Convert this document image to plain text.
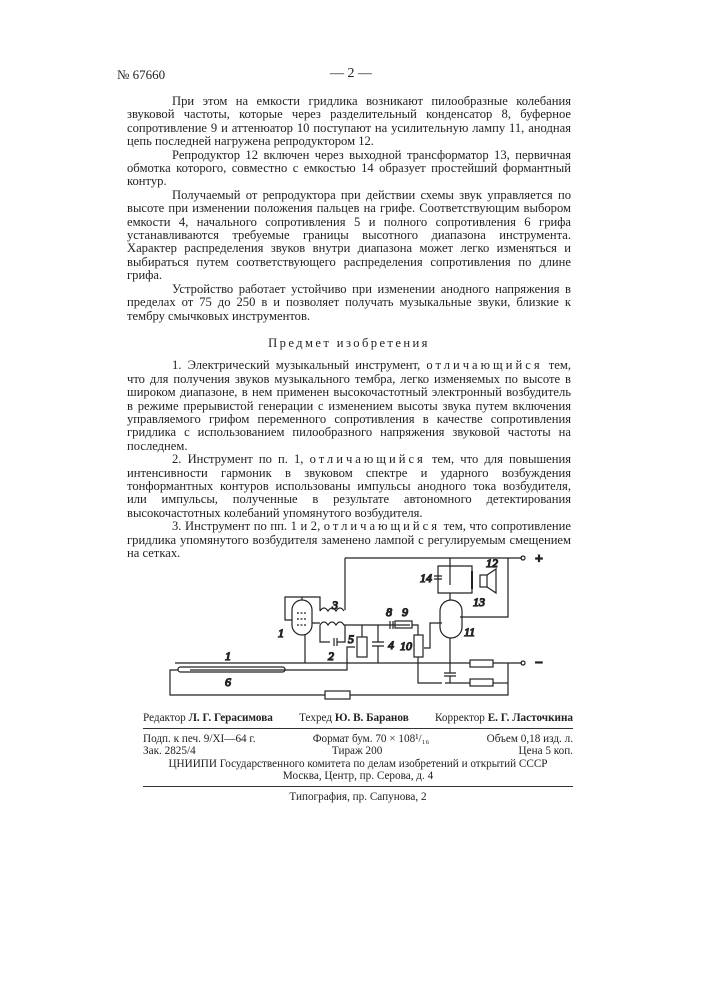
№ 67660	— 2 —

При этом на емкости гридлика возникают пилообразные колебания звуковой частоты, которые через разделительный конденсатор 8, буферное сопротивление 9 и аттенюатор 10 поступают на усилительную лампу 11, анодная цепь последней нагружена репродуктором 12.

Репродуктор 12 включен через выходной трансформатор 13, первичная обмотка которого, совместно с емкостью 14 образует простейший формантный контур.

Получаемый от репродуктора при действии схемы звук управляется по высоте при изменении положения пальцев на грифе. Соответствующим выбором емкости 4, начального сопротивления 5 и полного сопротивления 6 грифа устанавливаются требуемые границы высотного диапазона инструмента. Характер распределения звуков внутри диапазона может легко изменяться и выбираться путем соответствующего распределения сопротивления по длине грифа.

Устройство работает устойчиво при изменении анодного напряжения в пределах от 75 до 250 в и позволяет получать музыкальные звуки, близкие к тембру смычковых инструментов.

Предмет изобретения

1. Электрический музыкальный инструмент, отличающийся тем, что для получения звуков музыкального тембра, легко изменяемых по высоте в широком диапазоне, в нем применен высокочастотный электронный возбудитель в режиме прерывистой генерации с изменением высоты звука путем включения управляемого грифом переменного сопротивления в качестве сопротивления гридлика с использованием пилообразного напряжения звуковой частоты на последнем.

2. Инструмент по п. 1, отличающийся тем, что для повышения интенсивности гармоник в звуковом спектре и ударного возбуждения тонформантных контуров использованы импульсы анодного тока возбудителя, или импульсы, полученные в результате автономного детектирования высокочастотных колебаний упомянутого возбудителя.

3. Инструмент по пп. 1 и 2, отличающийся тем, что сопротивление гридлика упомянутого возбудителя заменено лампой с регулируемым смещением на сетках.

1
3
2
5	4
8 9
10
11
12
13
14
1
6
+
−
Редактор Л. Г. Герасимова Техред Ю. В. Баранов Корректор Е. Г. Ласточкина
Подп. к печ. 9/XI—64 г.	Формат бум. 70 × 108¹/₁₆	Объем 0,18 изд. л.
Зак. 2825/4	Тираж 200	Цена 5 коп.
ЦНИИПИ Государственного комитета по делам изобретений и открытий СССР
Москва, Центр, пр. Серова, д. 4
Типография, пр. Сапунова, 2
